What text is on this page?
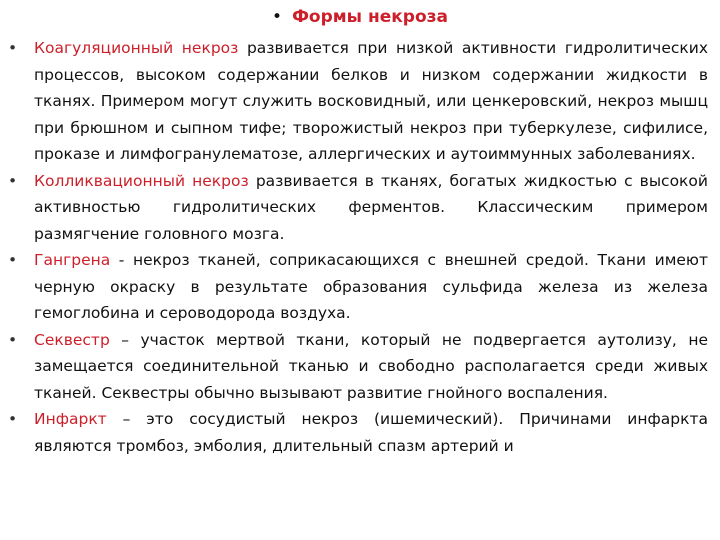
• Формы некроза
• Коагуляционный некроз развивается при низкой активности гидролитических процессов, высоком содержании белков и низком содержании жидкости в тканях. Примером могут служить восковидный, или ценкеровский, некроз мышц при брюшном и сыпном тифе; творожистый некроз при туберкулезе, сифилисе, проказе и лимфогранулематозе, аллергических и аутоиммунных заболеваниях.
• Колликвационный некроз развивается в тканях, богатых жидкостью с высокой активностью гидролитических ферментов. Классическим примером размягчение головного мозга.
• Гангрена - некроз тканей, соприкасающихся с внешней средой. Ткани имеют черную окраску в результате образования сульфида железа из железа гемоглобина и сероводорода воздуха.
• Секвестр – участок мертвой ткани, который не подвергается аутолизу, не замещается соединительной тканью и свободно располагается среди живых тканей. Секвестры обычно вызывают развитие гнойного воспаления.
• Инфаркт – это сосудистый некроз (ишемический). Причинами инфаркта являются тромбоз, эмболия, длительный спазм артерий и
